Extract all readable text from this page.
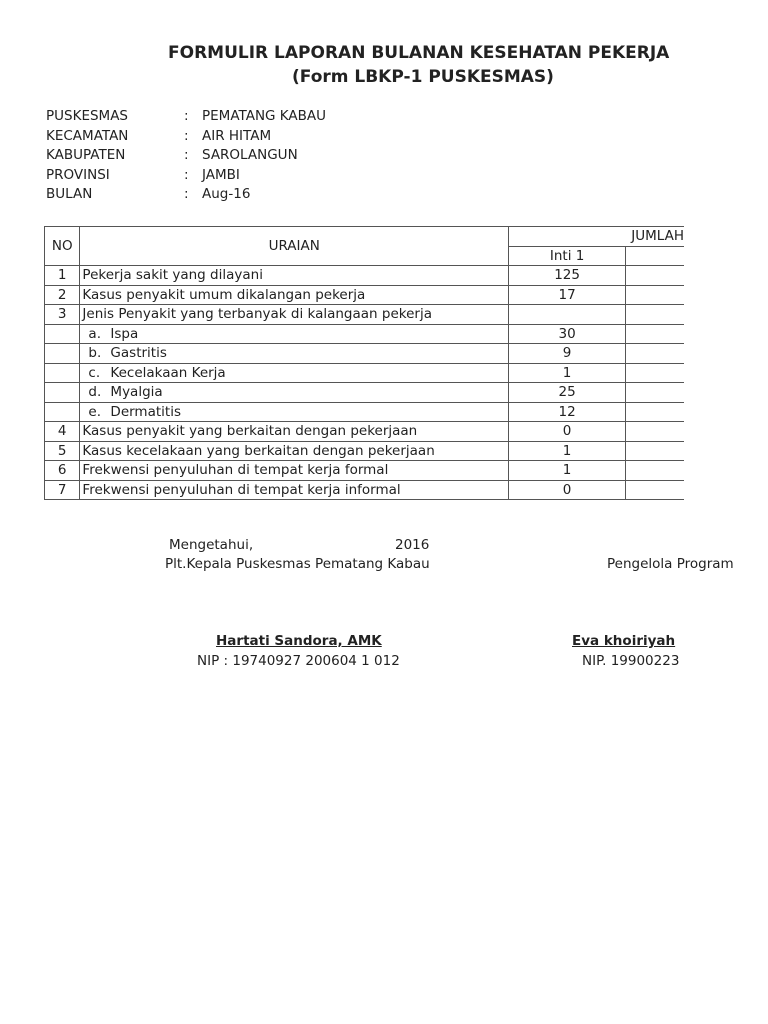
FORMULIR LAPORAN BULANAN KESEHATAN PEKERJA
(Form LBKP-1 PUSKESMAS)
PUSKESMAS	: PEMATANG KABAU
KECAMATAN	: AIR HITAM
KABUPATEN	: SAROLANGUN
PROVINSI	: JAMBI
BULAN	: Aug-16
NO	URAIAN	JUMLAH	
		Inti 1	
1	Pekerja sakit yang dilayani	125	
2	Kasus penyakit umum dikalangan pekerja	17	
3	Jenis Penyakit yang terbanyak di kalangaan pekerja		
	a. Ispa	30	
	b. Gastritis	9	
	c. Kecelakaan Kerja	1	
	d. Myalgia	25	
	e. Dermatitis	12	
4	Kasus penyakit yang berkaitan dengan pekerjaan	0	
5	Kasus kecelakaan yang berkaitan dengan pekerjaan	1	
6	Frekwensi penyuluhan di tempat kerja formal	1	
7	Frekwensi penyuluhan di tempat kerja informal	0	
Mengetahui,	2016
Plt.Kepala Puskesmas Pematang Kabau	Pengelola Program
Hartati Sandora, AMK
NIP : 19740927 200604 1 012
Eva khoiriyah
NIP. 19900223
